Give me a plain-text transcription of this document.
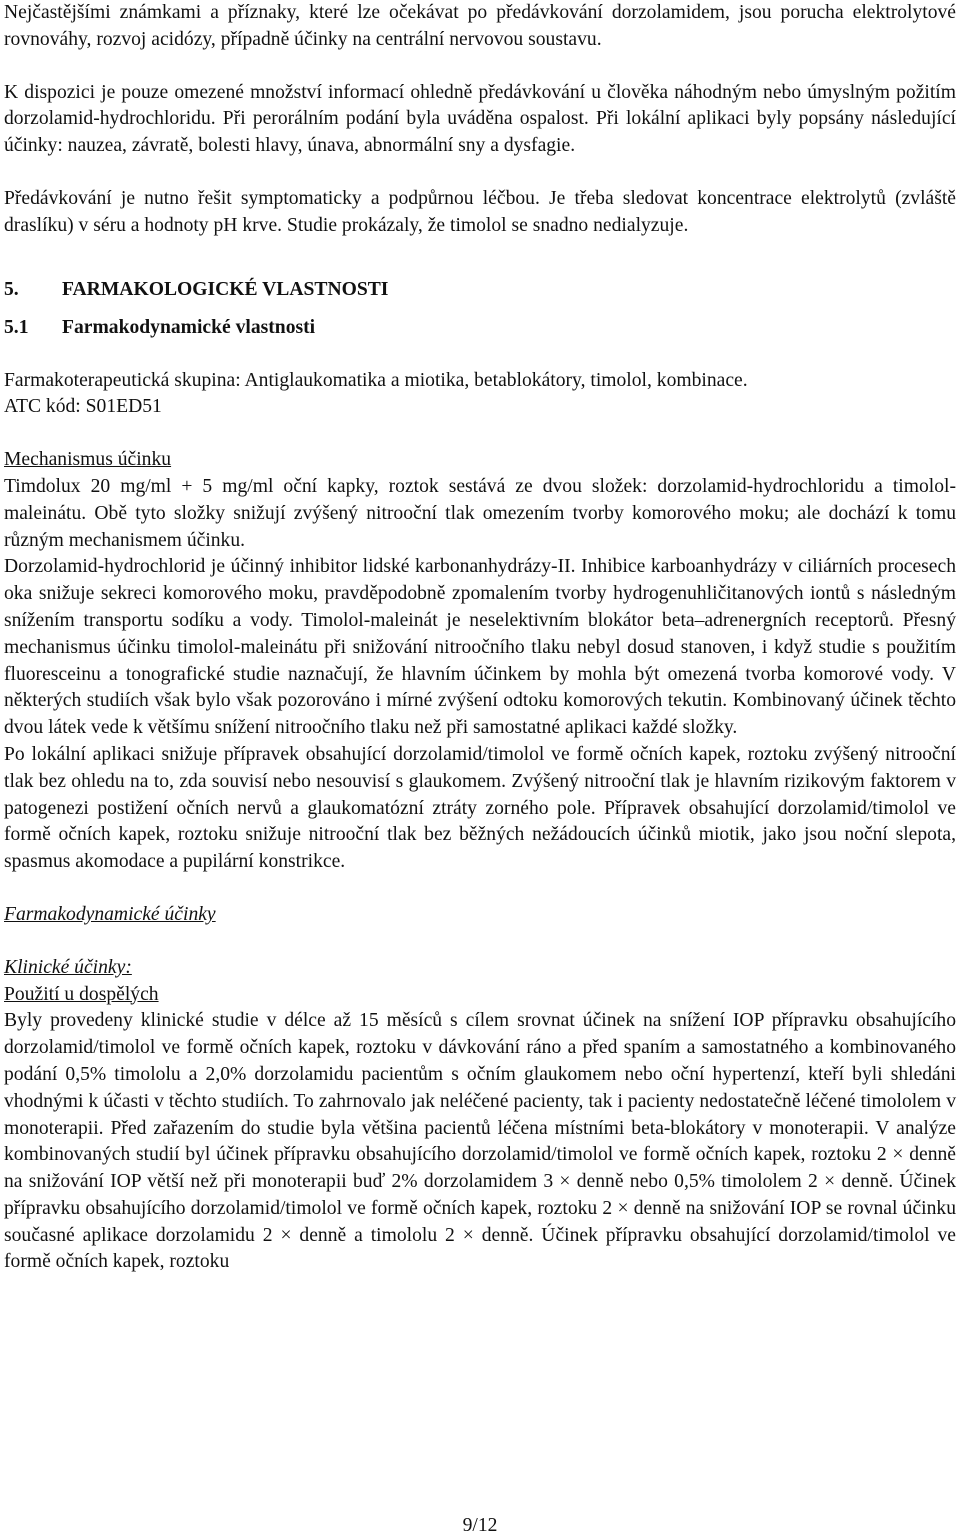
Nejčastějšími známkami a příznaky, které lze očekávat po předávkování dorzolamidem, jsou porucha elektrolytové rovnováhy, rozvoj acidózy, případně účinky na centrální nervovou soustavu.

K dispozici je pouze omezené množství informací ohledně předávkování u člověka náhodným nebo úmyslným požitím dorzolamid-hydrochloridu. Při perorálním podání byla uváděna ospalost. Při lokální aplikaci byly popsány následující účinky: nauzea, závratě, bolesti hlavy, únava, abnormální sny a dysfagie.

Předávkování je nutno řešit symptomaticky a podpůrnou léčbou. Je třeba sledovat koncentrace elektrolytů (zvláště draslíku) v séru a hodnoty pH krve. Studie prokázaly, že timolol se snadno nedialyzuje.

5. FARMAKOLOGICKÉ VLASTNOSTI
5.1 Farmakodynamické vlastnosti

Farmakoterapeutická skupina: Antiglaukomatika a miotika, betablokátory, timolol, kombinace.

ATC kód: S01ED51

Mechanismus účinku

Timdolux 20 mg/ml + 5 mg/ml oční kapky, roztok sestává ze dvou složek: dorzolamid-hydrochloridu a timolol-maleinátu. Obě tyto složky snižují zvýšený nitrooční tlak omezením tvorby komorového moku; ale dochází k tomu různým mechanismem účinku.

Dorzolamid-hydrochlorid je účinný inhibitor lidské karbonanhydrázy-II. Inhibice karboanhydrázy v ciliárních procesech oka snižuje sekreci komorového moku, pravděpodobně zpomalením tvorby hydrogenuhličitanových iontů s následným snížením transportu sodíku a vody. Timolol-maleinát je neselektivním blokátor beta–adrenergních receptorů. Přesný mechanismus účinku timolol-maleinátu při snižování nitroočního tlaku nebyl dosud stanoven, i když studie s použitím fluoresceinu a tonografické studie naznačují, že hlavním účinkem by mohla být omezená tvorba komorové vody. V některých studiích však bylo však pozorováno i mírné zvýšení odtoku komorových tekutin. Kombinovaný účinek těchto dvou látek vede k většímu snížení nitroočního tlaku než při samostatné aplikaci každé složky.

Po lokální aplikaci snižuje přípravek obsahující dorzolamid/timolol ve formě očních kapek, roztoku zvýšený nitrooční tlak bez ohledu na to, zda souvisí nebo nesouvisí s glaukomem. Zvýšený nitrooční tlak je hlavním rizikovým faktorem v patogenezi postižení očních nervů a glaukomatózní ztráty zorného pole. Přípravek obsahující dorzolamid/timolol ve formě očních kapek, roztoku snižuje nitrooční tlak bez běžných nežádoucích účinků miotik, jako jsou noční slepota, spasmus akomodace a pupilární konstrikce.

Farmakodynamické účinky

Klinické účinky:

Použití u dospělých

Byly provedeny klinické studie v délce až 15 měsíců s cílem srovnat účinek na snížení IOP přípravku obsahujícího dorzolamid/timolol ve formě očních kapek, roztoku v dávkování ráno a před spaním a samostatného a kombinovaného podání 0,5% timololu a 2,0% dorzolamidu pacientům s očním glaukomem nebo oční hypertenzí, kteří byli shledáni vhodnými k účasti v těchto studiích. To zahrnovalo jak neléčené pacienty, tak i pacienty nedostatečně léčené timololem v monoterapii. Před zařazením do studie byla většina pacientů léčena místními beta-blokátory v monoterapii. V analýze kombinovaných studií byl účinek přípravku obsahujícího dorzolamid/timolol ve formě očních kapek, roztoku 2 × denně na snižování IOP větší než při monoterapii buď 2% dorzolamidem 3 × denně nebo 0,5% timololem 2 × denně. Účinek přípravku obsahujícího dorzolamid/timolol ve formě očních kapek, roztoku 2 × denně na snižování IOP se rovnal účinku současné aplikace dorzolamidu 2 × denně a timololu 2 × denně. Účinek přípravku obsahující dorzolamid/timolol ve formě očních kapek, roztoku

9/12
